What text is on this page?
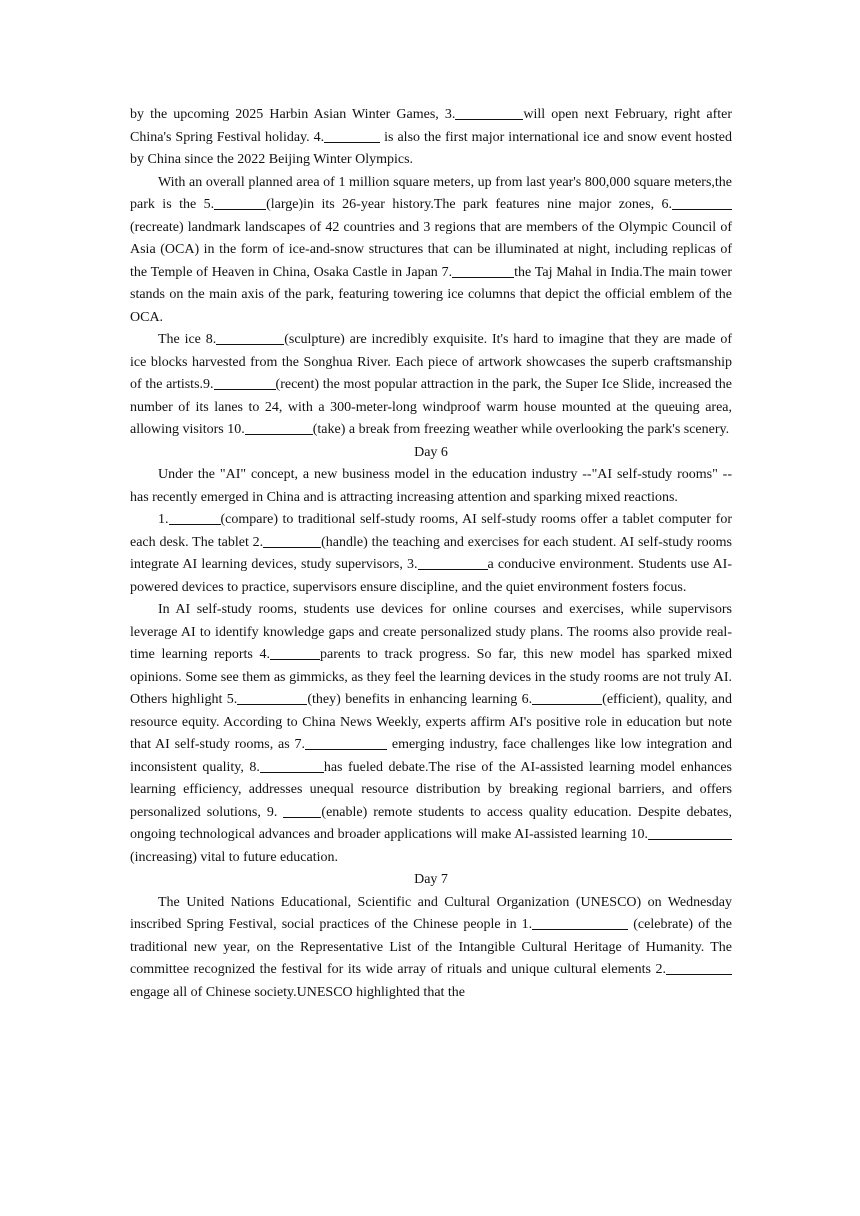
by the upcoming 2025 Harbin Asian Winter Games, 3.	will open next February, right after China's Spring Festival holiday. 4.	is also the first major international ice and snow event hosted by China since the 2022 Beijing Winter Olympics.

With an overall planned area of 1 million square meters, up from last year's 800,000 square meters,the park is the 5.	(large)in its 26-year history.The park features nine major zones, 6.(recreate) landmark landscapes of 42 countries and 3 regions that are members of the Olympic Council of Asia (OCA) in the form of ice-and-snow structures that can be illuminated at night, including replicas of the Temple of Heaven in China, Osaka Castle in Japan 7.	the Taj Mahal in India.The main tower stands on the main axis of the park, featuring towering ice columns that depict the official emblem of the OCA.

The ice 8.	(sculpture) are incredibly exquisite. It's hard to imagine that they are made of ice blocks harvested from the Songhua River. Each piece of artwork showcases the superb craftsmanship of the artists.9.	(recent) the most popular attraction in the park, the Super Ice Slide, increased the number of its lanes to 24, with a 300-meter-long windproof warm house mounted at the queuing area, allowing visitors 10.	(take) a break from freezing weather while overlooking the park's scenery.

Day 6

Under the "AI" concept, a new business model in the education industry --"AI self-study rooms" -- has recently emerged in China and is attracting increasing attention and sparking mixed reactions.

1.	(compare) to traditional self-study rooms, AI self-study rooms offer a tablet computer for each desk. The tablet 2.	(handle) the teaching and exercises for each student. AI self-study rooms integrate AI learning devices, study supervisors, 3.	a conducive environment. Students use AI-powered devices to practice, supervisors ensure discipline, and the quiet environment fosters focus.

In AI self-study rooms, students use devices for online courses and exercises, while supervisors leverage AI to identify knowledge gaps and create personalized study plans. The rooms also provide real-time learning reports 4.	parents to track progress. So far, this new model has sparked mixed opinions. Some see them as gimmicks, as they feel the learning devices in the study rooms are not truly AI. Others highlight 5.	(they) benefits in enhancing learning 6.	(efficient), quality, and resource equity. According to China News Weekly, experts affirm AI's positive role in education but note that AI self-study rooms, as 7.	emerging industry, face challenges like low integration and inconsistent quality, 8.	has fueled debate.The rise of the AI-assisted learning model enhances learning efficiency, addresses unequal resource distribution by breaking regional barriers, and offers personalized solutions, 9.	(enable) remote students to access quality education. Despite debates, ongoing technological advances and broader applications will make AI-assisted learning 10. (increasing) vital to future education.

Day 7

The United Nations Educational, Scientific and Cultural Organization (UNESCO) on Wednesday inscribed Spring Festival, social practices of the Chinese people in 1.	(celebrate) of the traditional new year, on the Representative List of the Intangible Cultural Heritage of Humanity. The committee recognized the festival for its wide array of rituals and unique cultural elements 2.engage all of Chinese society.UNESCO highlighted that the
